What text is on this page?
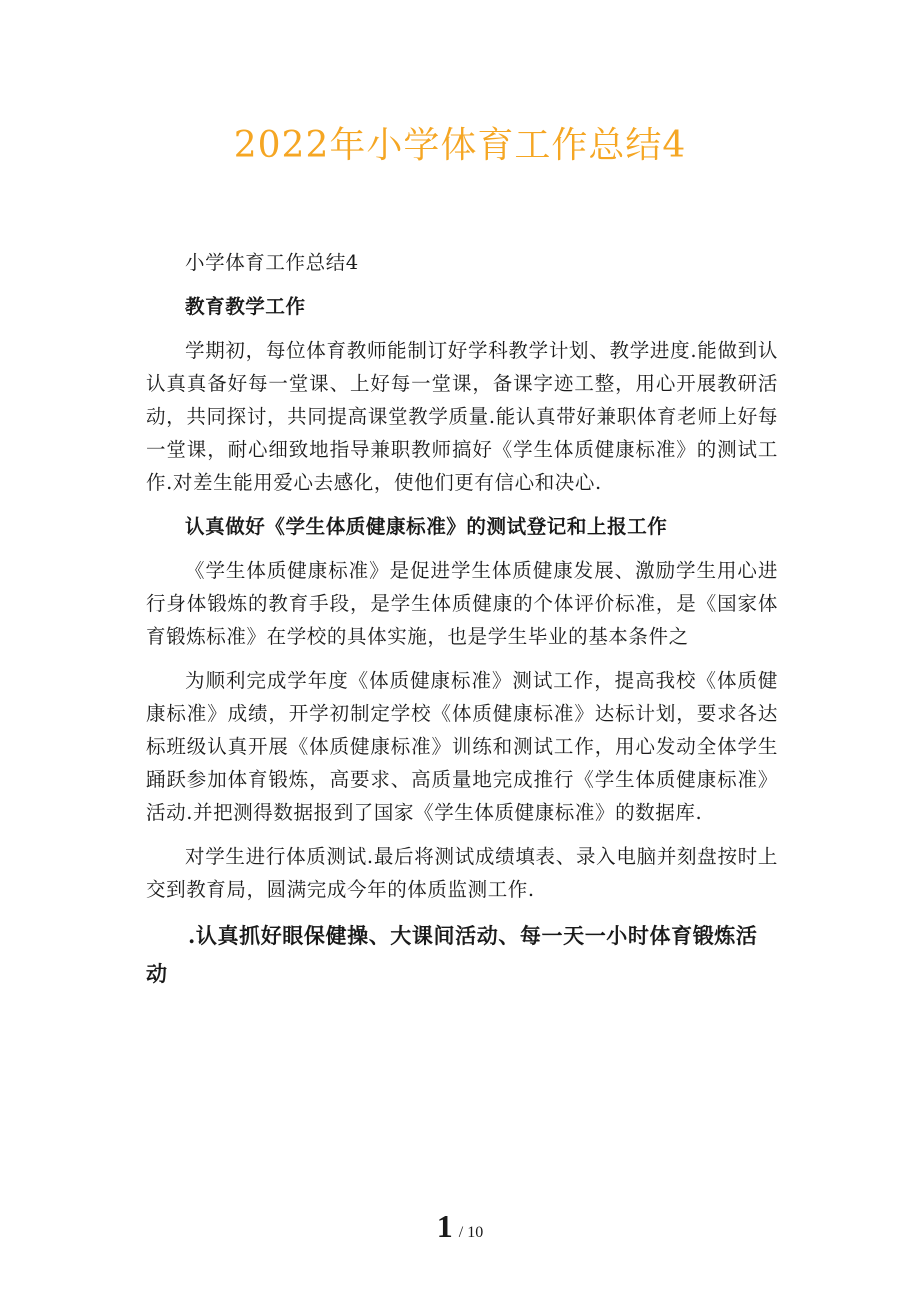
2022年小学体育工作总结4

小学体育工作总结4

教育教学工作

学期初，每位体育教师能制订好学科教学计划、教学进度.能做到认认真真备好每一堂课、上好每一堂课，备课字迹工整，用心开展教研活动，共同探讨，共同提高课堂教学质量.能认真带好兼职体育老师上好每一堂课，耐心细致地指导兼职教师搞好《学生体质健康标准》的测试工作.对差生能用爱心去感化，使他们更有信心和决心.

认真做好《学生体质健康标准》的测试登记和上报工作

《学生体质健康标准》是促进学生体质健康发展、激励学生用心进行身体锻炼的教育手段，是学生体质健康的个体评价标准，是《国家体育锻炼标准》在学校的具体实施，也是学生毕业的基本条件之

为顺利完成学年度《体质健康标准》测试工作，提高我校《体质健康标准》成绩，开学初制定学校《体质健康标准》达标计划，要求各达标班级认真开展《体质健康标准》训练和测试工作，用心发动全体学生踊跃参加体育锻炼，高要求、高质量地完成推行《学生体质健康标准》活动.并把测得数据报到了国家《学生体质健康标准》的数据库.

对学生进行体质测试.最后将测试成绩填表、录入电脑并刻盘按时上交到教育局，圆满完成今年的体质监测工作.

.认真抓好眼保健操、大课间活动、每一天一小时体育锻炼活动

1 / 10
